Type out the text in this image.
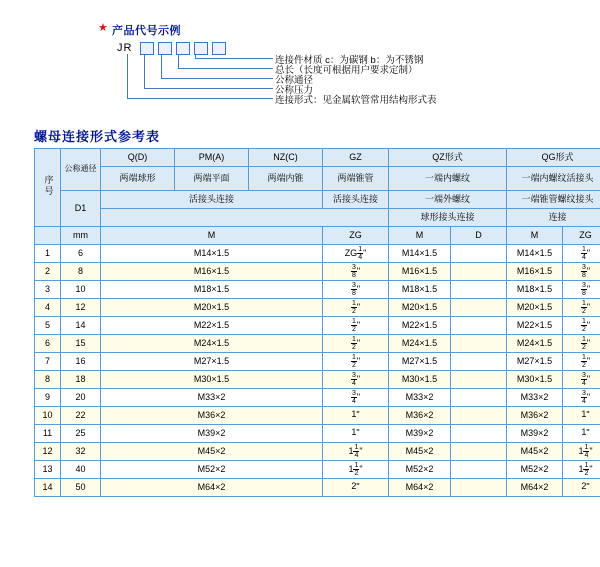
★ 产品代号示例
JR
连接件材质 c：为碳钢 b：为不锈钢
总长（长度可根据用户要求定制）
公称通径
公称压力
连接形式：见金属软管常用结构形式表
螺母连接形式参考表
序号	公称通径	Q(D)	PM(A)	NZ(C)	GZ	QZ形式		QG形式	
		两端球形	两端平面	两端内锥	两端锥管	一端内螺纹		一端内螺纹活接头	
	D1	活接头连接			活接头连接	一端外螺纹		一端锥管螺纹接头	
						球形接头连接		连接	
	mm	M			ZG	M	D	M	ZG
1	6	M14×1.5			ZG $\frac{1}{4}$ "	M14×1.5		M14×1.5	$\frac{1}{4}$ "
2	8	M16×1.5			$\frac{3}{8}$ "	M16×1.5		M16×1.5	$\frac{3}{8}$ "
3	10	M18×1.5			$\frac{3}{8}$ "	M18×1.5		M18×1.5	$\frac{3}{8}$ "
4	12	M20×1.5			$\frac{1}{2}$ "	M20×1.5		M20×1.5	$\frac{1}{2}$ "
5	14	M22×1.5			$\frac{1}{2}$ "	M22×1.5		M22×1.5	$\frac{1}{2}$ "
6	15	M24×1.5			$\frac{1}{2}$ "	M24×1.5		M24×1.5	$\frac{1}{2}$ "
7	16	M27×1.5			$\frac{1}{2}$ "	M27×1.5		M27×1.5	$\frac{1}{2}$ "
8	18	M30×1.5			$\frac{3}{4}$ "	M30×1.5		M30×1.5	$\frac{3}{4}$ "
9	20	M33×2			$\frac{3}{4}$ "	M33×2		M33×2	$\frac{3}{4}$ "
10	22	M36×2			1"	M36×2		M36×2	1"
11	25	M39×2			1"	M39×2		M39×2	1"
12	32	M45×2			$1 \frac{1}{4}$ "	M45×2		M45×2	$1 \frac{1}{4}$ "
13	40	M52×2			$1 \frac{1}{2}$ "	M52×2		M52×2	$1 \frac{1}{2}$ "
14	50	M64×2			2"	M64×2		M64×2	2"
